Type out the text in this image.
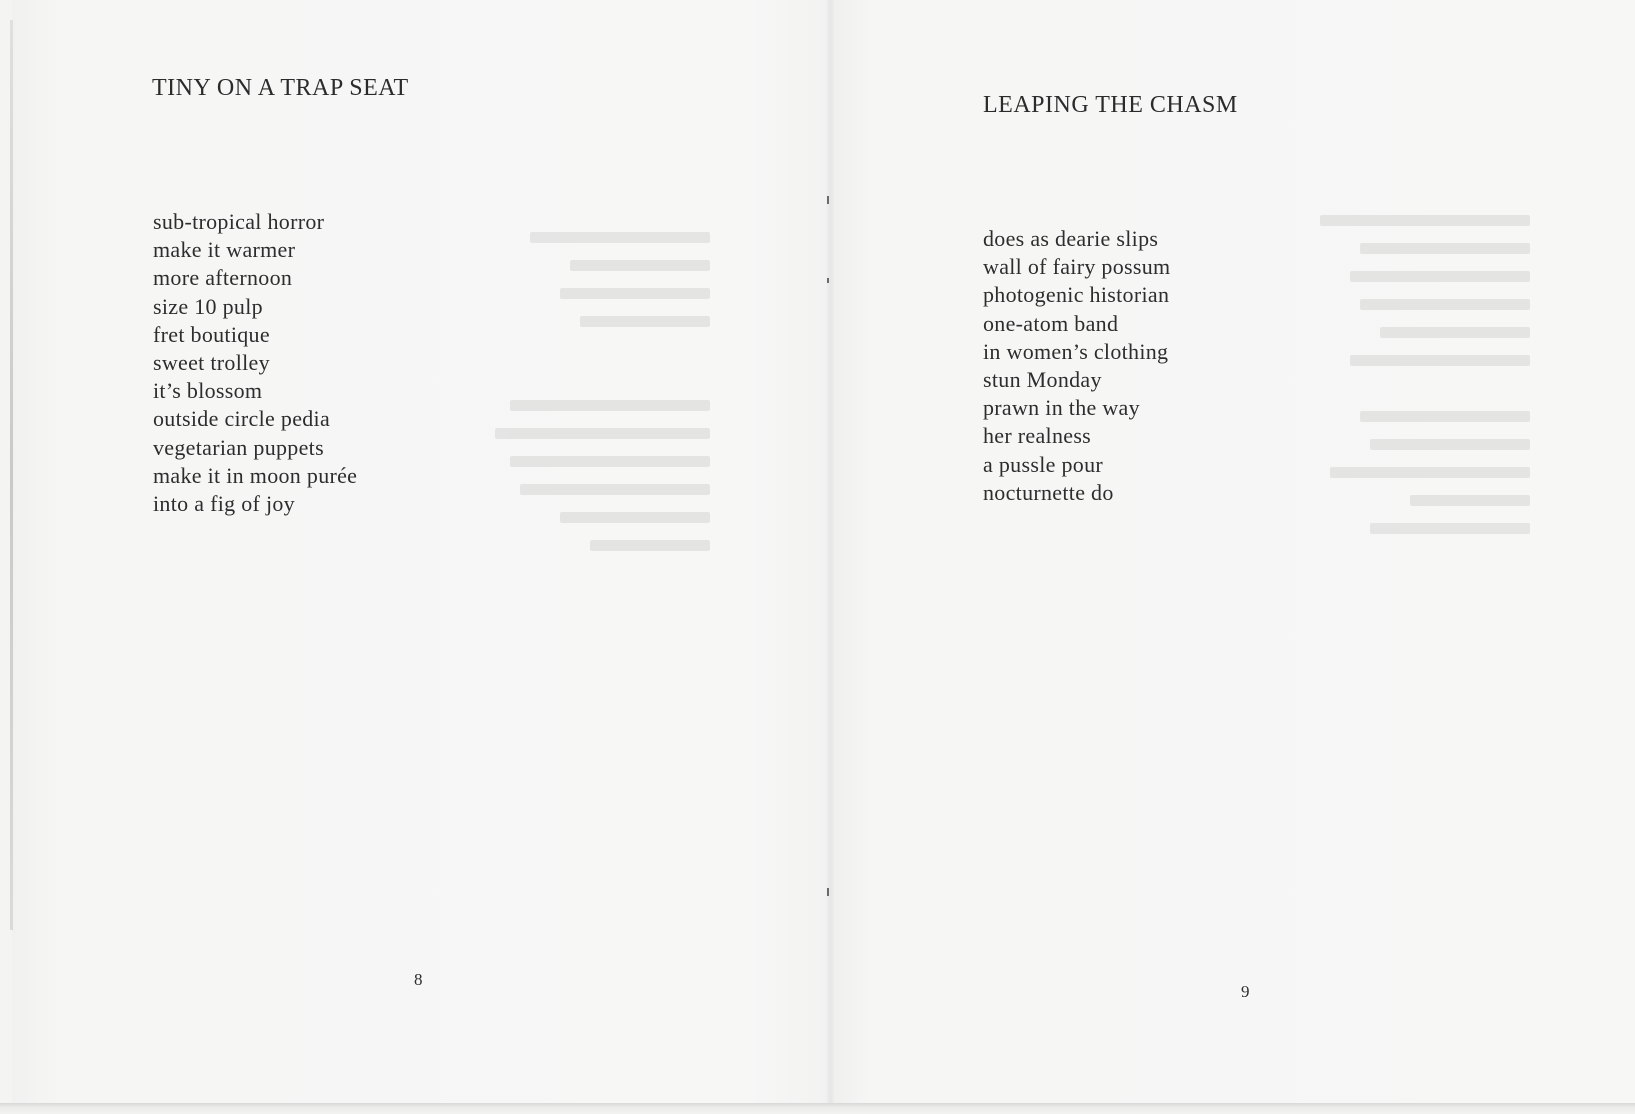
TINY ON A TRAP SEAT
sub-tropical horror
make it warmer
more afternoon
size 10 pulp
fret boutique
sweet trolley
it’s blossom
outside circle pedia
vegetarian puppets
make it in moon purée
into a fig of joy
8
LEAPING THE CHASM
does as dearie slips
wall of fairy possum
photogenic historian
one-atom band
in women’s clothing
stun Monday
prawn in the way
her realness
a pussle pour
nocturnette do
9
